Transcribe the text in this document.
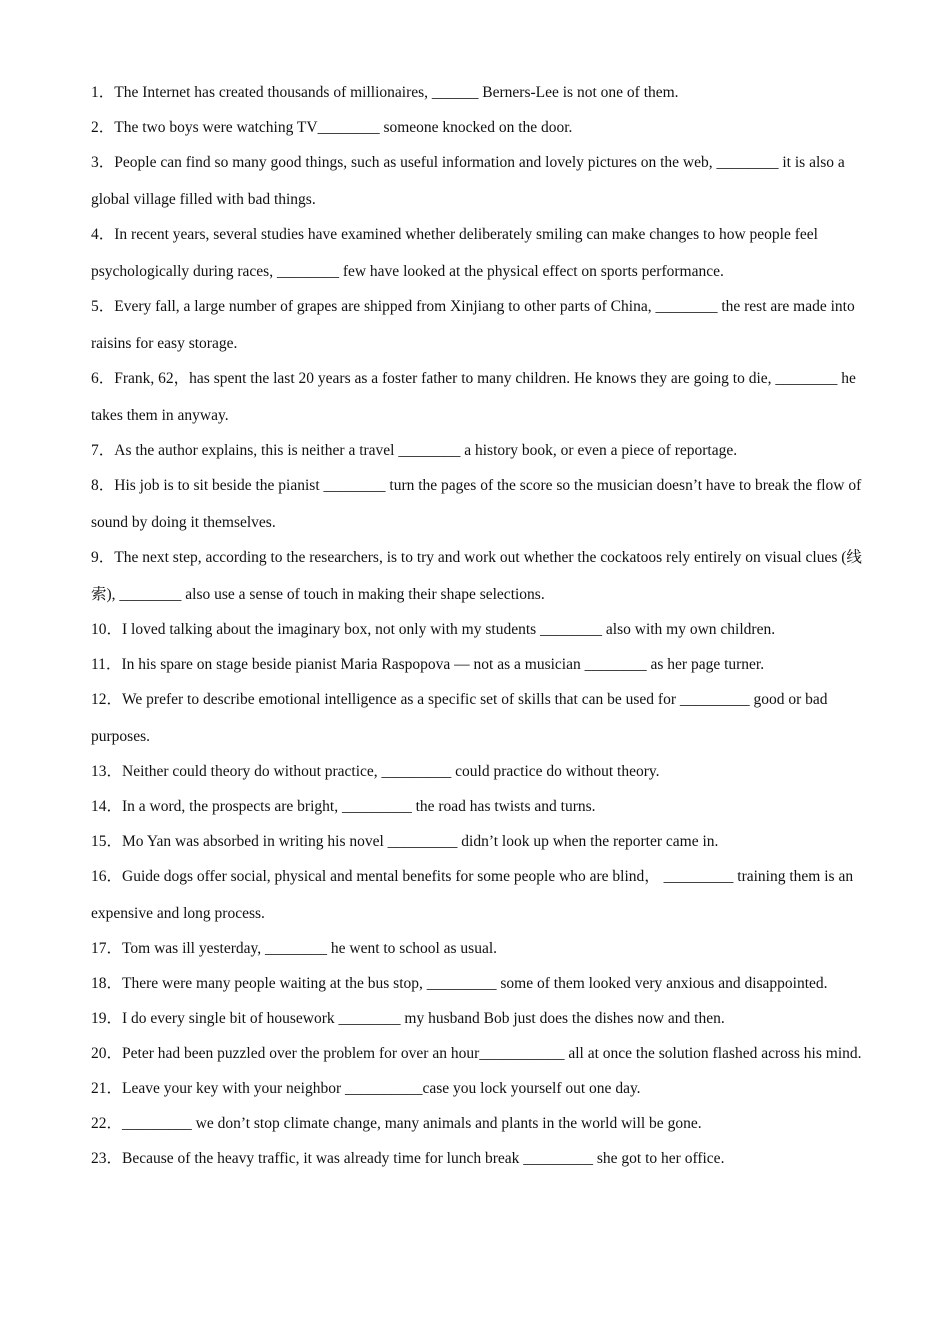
1．The Internet has created thousands of millionaires, ______ Berners-Lee is not one of them.

2．The two boys were watching TV________ someone knocked on the door.

3．People can find so many good things, such as useful information and lovely pictures on the web, ________ it is also a global village filled with bad things.

4．In recent years, several studies have examined whether deliberately smiling can make changes to how people feel psychologically during races, ________ few have looked at the physical effect on sports performance.

5．Every fall, a large number of grapes are shipped from Xinjiang to other parts of China, ________ the rest are made into raisins for easy storage.

6．Frank, 62，has spent the last 20 years as a foster father to many children. He knows they are going to die, ________ he takes them in anyway.

7．As the author explains, this is neither a travel ________ a history book, or even a piece of reportage.

8．His job is to sit beside the pianist ________ turn the pages of the score so the musician doesn’t have to break the flow of sound by doing it themselves.

9．The next step, according to the researchers, is to try and work out whether the cockatoos rely entirely on visual clues (线索), ________ also use a sense of touch in making their shape selections.

10．I loved talking about the imaginary box, not only with my students ________ also with my own children.

11．In his spare on stage beside pianist Maria Raspopova — not as a musician ________ as her page turner.

12．We prefer to describe emotional intelligence as a specific set of skills that can be used for _________ good or bad purposes.

13．Neither could theory do without practice, _________ could practice do without theory.

14．In a word, the prospects are bright, _________ the road has twists and turns.

15．Mo Yan was absorbed in writing his novel _________ didn’t look up when the reporter came in.

16．Guide dogs offer social, physical and mental benefits for some people who are blind， _________ training them is an expensive and long process.

17．Tom was ill yesterday, ________ he went to school as usual.

18．There were many people waiting at the bus stop, _________ some of them looked very anxious and disappointed.

19．I do every single bit of housework ________ my husband Bob just does the dishes now and then.

20．Peter had been puzzled over the problem for over an hour___________ all at once the solution flashed across his mind.

21．Leave your key with your neighbor __________case you lock yourself out one day.

22．_________ we don’t stop climate change, many animals and plants in the world will be gone.

23．Because of the heavy traffic, it was already time for lunch break _________ she got to her office.
